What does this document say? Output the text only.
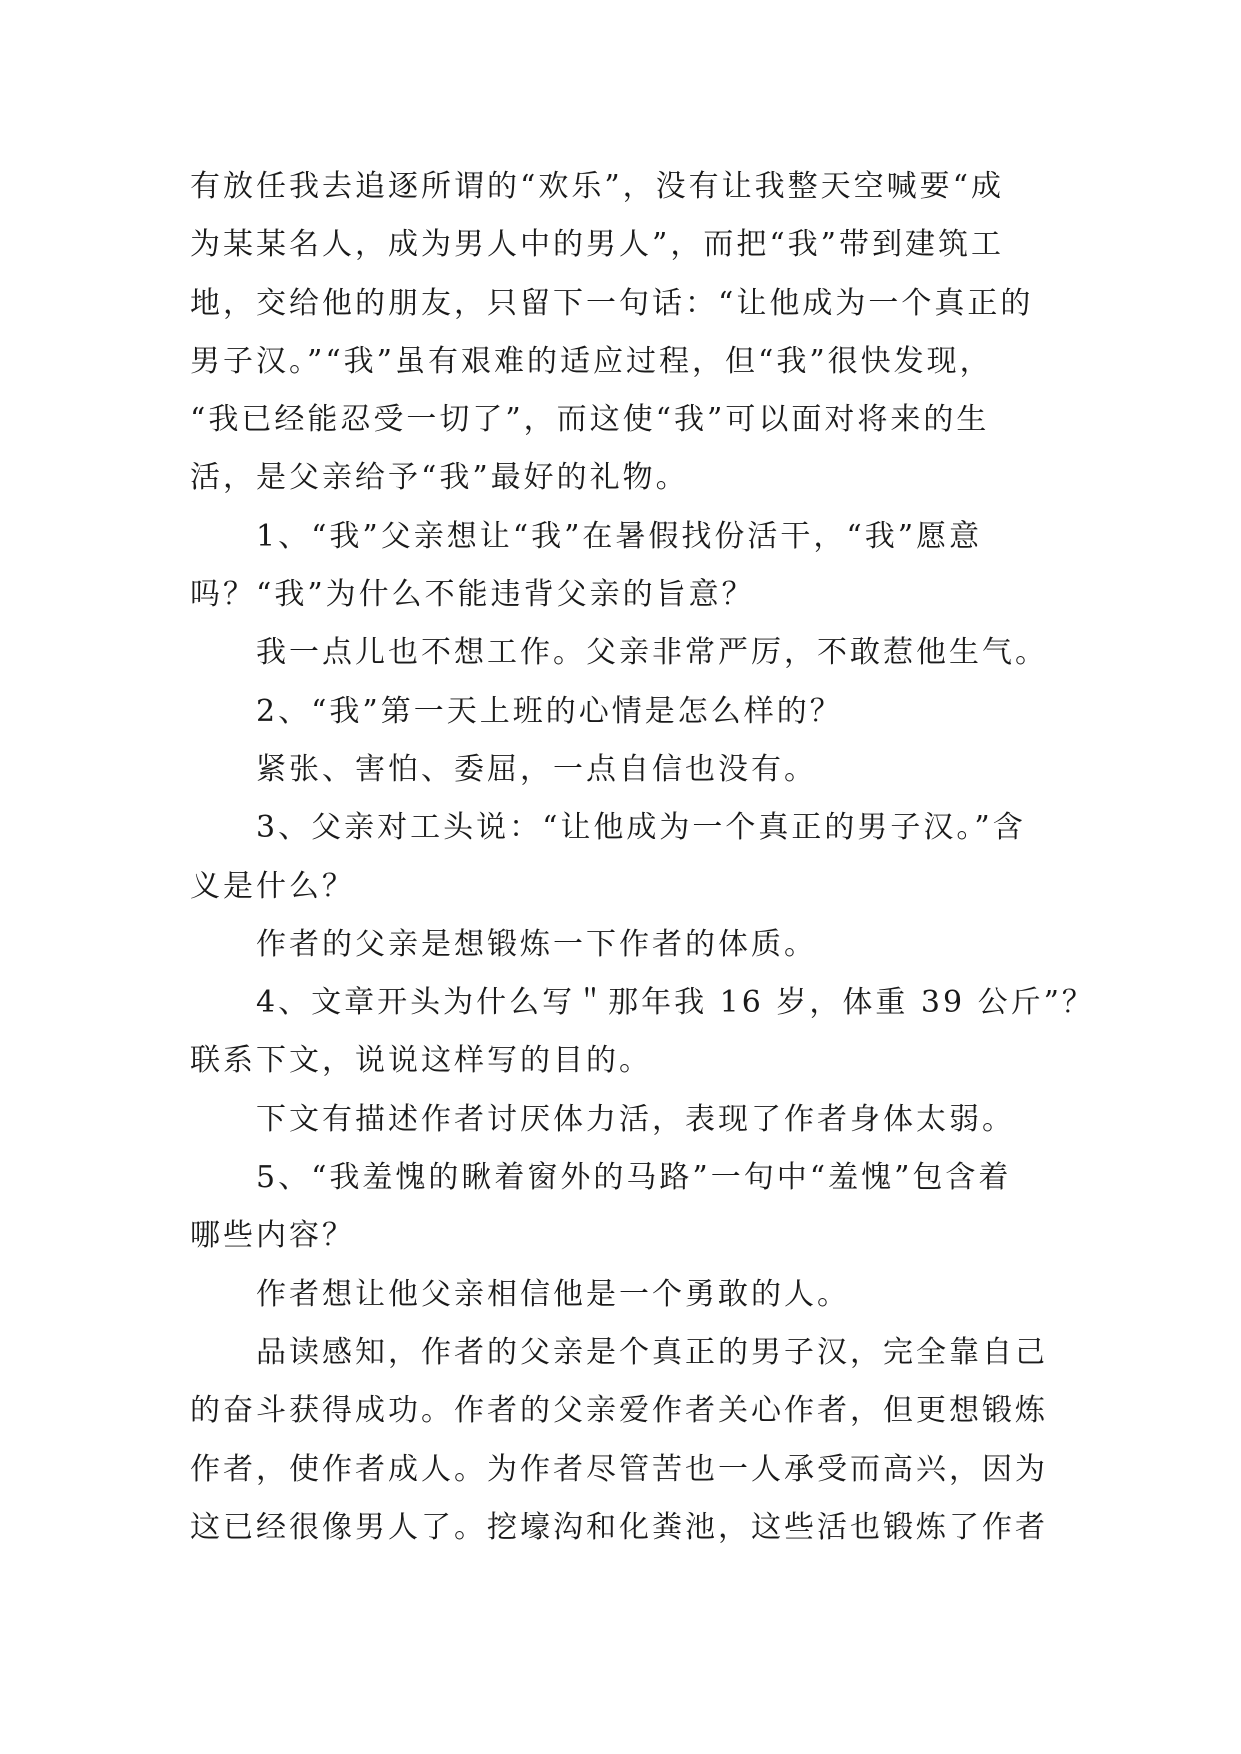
有放任我去追逐所谓的“欢乐”，没有让我整天空喊要“成
为某某名人，成为男人中的男人”，而把“我”带到建筑工
地，交给他的朋友，只留下一句话：“让他成为一个真正的
男子汉。”“我”虽有艰难的适应过程，但“我”很快发现，
“我已经能忍受一切了”，而这使“我”可以面对将来的生
活，是父亲给予“我”最好的礼物。
1、“我”父亲想让“我”在暑假找份活干，“我”愿意
吗？“我”为什么不能违背父亲的旨意？
我一点儿也不想工作。父亲非常严厉，不敢惹他生气。
2、“我”第一天上班的心情是怎么样的？
紧张、害怕、委屈，一点自信也没有。
3、父亲对工头说：“让他成为一个真正的男子汉。”含
义是什么？
作者的父亲是想锻炼一下作者的体质。
4、文章开头为什么写＂那年我 16 岁，体重 39 公斤”？
联系下文，说说这样写的目的。
下文有描述作者讨厌体力活，表现了作者身体太弱。
5、“我羞愧的瞅着窗外的马路”一句中“羞愧”包含着
哪些内容？
作者想让他父亲相信他是一个勇敢的人。
品读感知，作者的父亲是个真正的男子汉，完全靠自己
的奋斗获得成功。作者的父亲爱作者关心作者，但更想锻炼
作者，使作者成人。为作者尽管苦也一人承受而高兴，因为
这已经很像男人了。挖壕沟和化粪池，这些活也锻炼了作者
